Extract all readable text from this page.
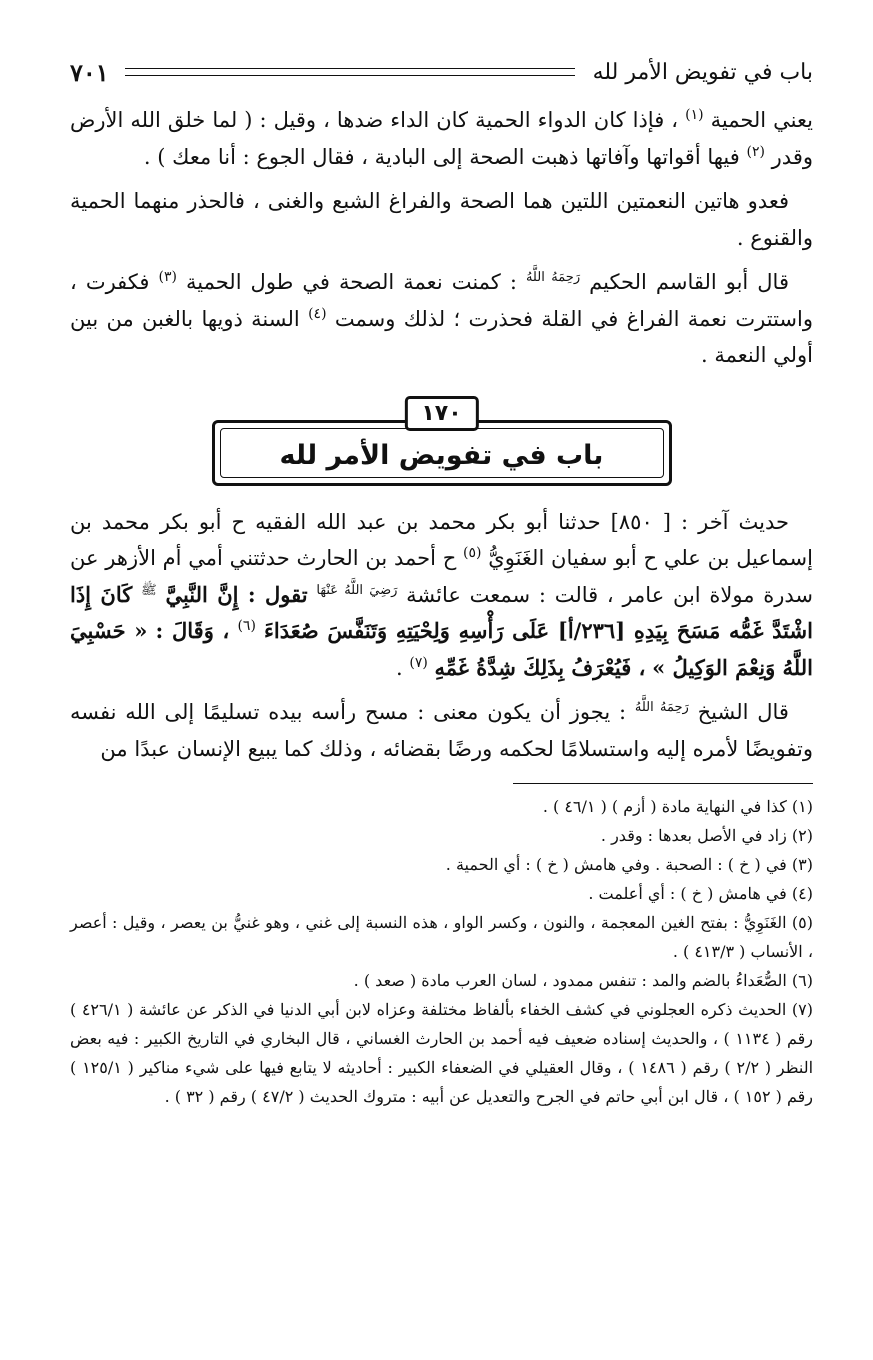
باب في تفويض الأمر لله
٧٠١

يعني الحمية $^{(١)}$ ، فإذا كان الدواء الحمية كان الداء ضدها ، وقيل : ( لما خلق الله الأرض وقدر $^{(٢)}$ فيها أقواتها وآفاتها ذهبت الصحة إلى البادية ، فقال الجوع : أنا معك ) .

فعدو هاتين النعمتين اللتين هما الصحة والفراغ الشبع والغنى ، فالحذر منهما الحمية والقنوع .

قال أبو القاسم الحكيم $^{رَحِمَهُ اللَّهُ}$ : كمنت نعمة الصحة في طول الحمية $^{(٣)}$ فكفرت ، واستترت نعمة الفراغ في القلة فحذرت ؛ لذلك وسمت $^{(٤)}$ السنة ذويها بالغبن من بين أولي النعمة .

١٧٠
باب في تفويض الأمر لله

حديث آخر : [ ٨٥٠] حدثنا أبو بكر محمد بن عبد الله الفقيه ح أبو بكر محمد بن إسماعيل بن علي ح أبو سفيان الغَنَوِيُّ $^{(٥)}$ ح أحمد بن الحارث حدثتني أمي أم الأزهر عن سدرة مولاة ابن عامر ، قالت : سمعت عائشة $^{رَضِيَ اللَّهُ عَنْهَا}$ تقول : إِنَّ النَّبِيَّ $^ﷺ$ كَانَ إِذَا اشْتَدَّ غَمُّه مَسَحَ بِيَدِهِ [٢٣٦/أ] عَلَى رَأْسِهِ وَلِحْيَتِهِ وَتَنَفَّسَ صُعَدَاءَ $^{(٦)}$ ، وَقَالَ : « حَسْبِيَ اللَّهُ وَنِعْمَ الوَكِيلُ » ، فَيُعْرَفُ بِذَلِكَ شِدَّةُ غَمِّهِ $^{(٧)}$ .

قال الشيخ $^{رَحِمَهُ اللَّهُ}$ : يجوز أن يكون معنى : مسح رأسه بيده تسليمًا إلى الله نفسه وتفويضًا لأمره إليه واستسلامًا لحكمه ورضًا بقضائه ، وذلك كما يبيع الإنسان عبدًا من

(١) كذا في النهاية مادة ( أزم ) ( ٤٦/١ ) .
(٢) زاد في الأصل بعدها : وقدر .
(٣) في ( خ ) : الصحبة . وفي هامش ( خ ) : أي الحمية .
(٤) في هامش ( خ ) : أي أعلمت .
(٥) الغَنَوِيُّ : بفتح الغين المعجمة ، والنون ، وكسر الواو ، هذه النسبة إلى غني ، وهو غنيُّ بن يعصر ، وقيل : أعصر ، الأنساب ( ٤١٣/٣ ) .
(٦) الصُّعَداءُ بالضم والمد : تنفس ممدود ، لسان العرب مادة ( صعد ) .
(٧) الحديث ذكره العجلوني في كشف الخفاء بألفاظ مختلفة وعزاه لابن أبي الدنيا في الذكر عن عائشة ( ٤٢٦/١ ) رقم ( ١١٣٤ ) ، والحديث إسناده ضعيف فيه أحمد بن الحارث الغساني ، قال البخاري في التاريخ الكبير : فيه بعض النظر ( ٢/٢ ) رقم ( ١٤٨٦ ) ، وقال العقيلي في الضعفاء الكبير : أحاديثه لا يتابع فيها على شيء مناكير ( ١٢٥/١ ) رقم ( ١٥٢ ) ، قال ابن أبي حاتم في الجرح والتعديل عن أبيه : متروك الحديث ( ٤٧/٢ ) رقم ( ٣٢ ) .
